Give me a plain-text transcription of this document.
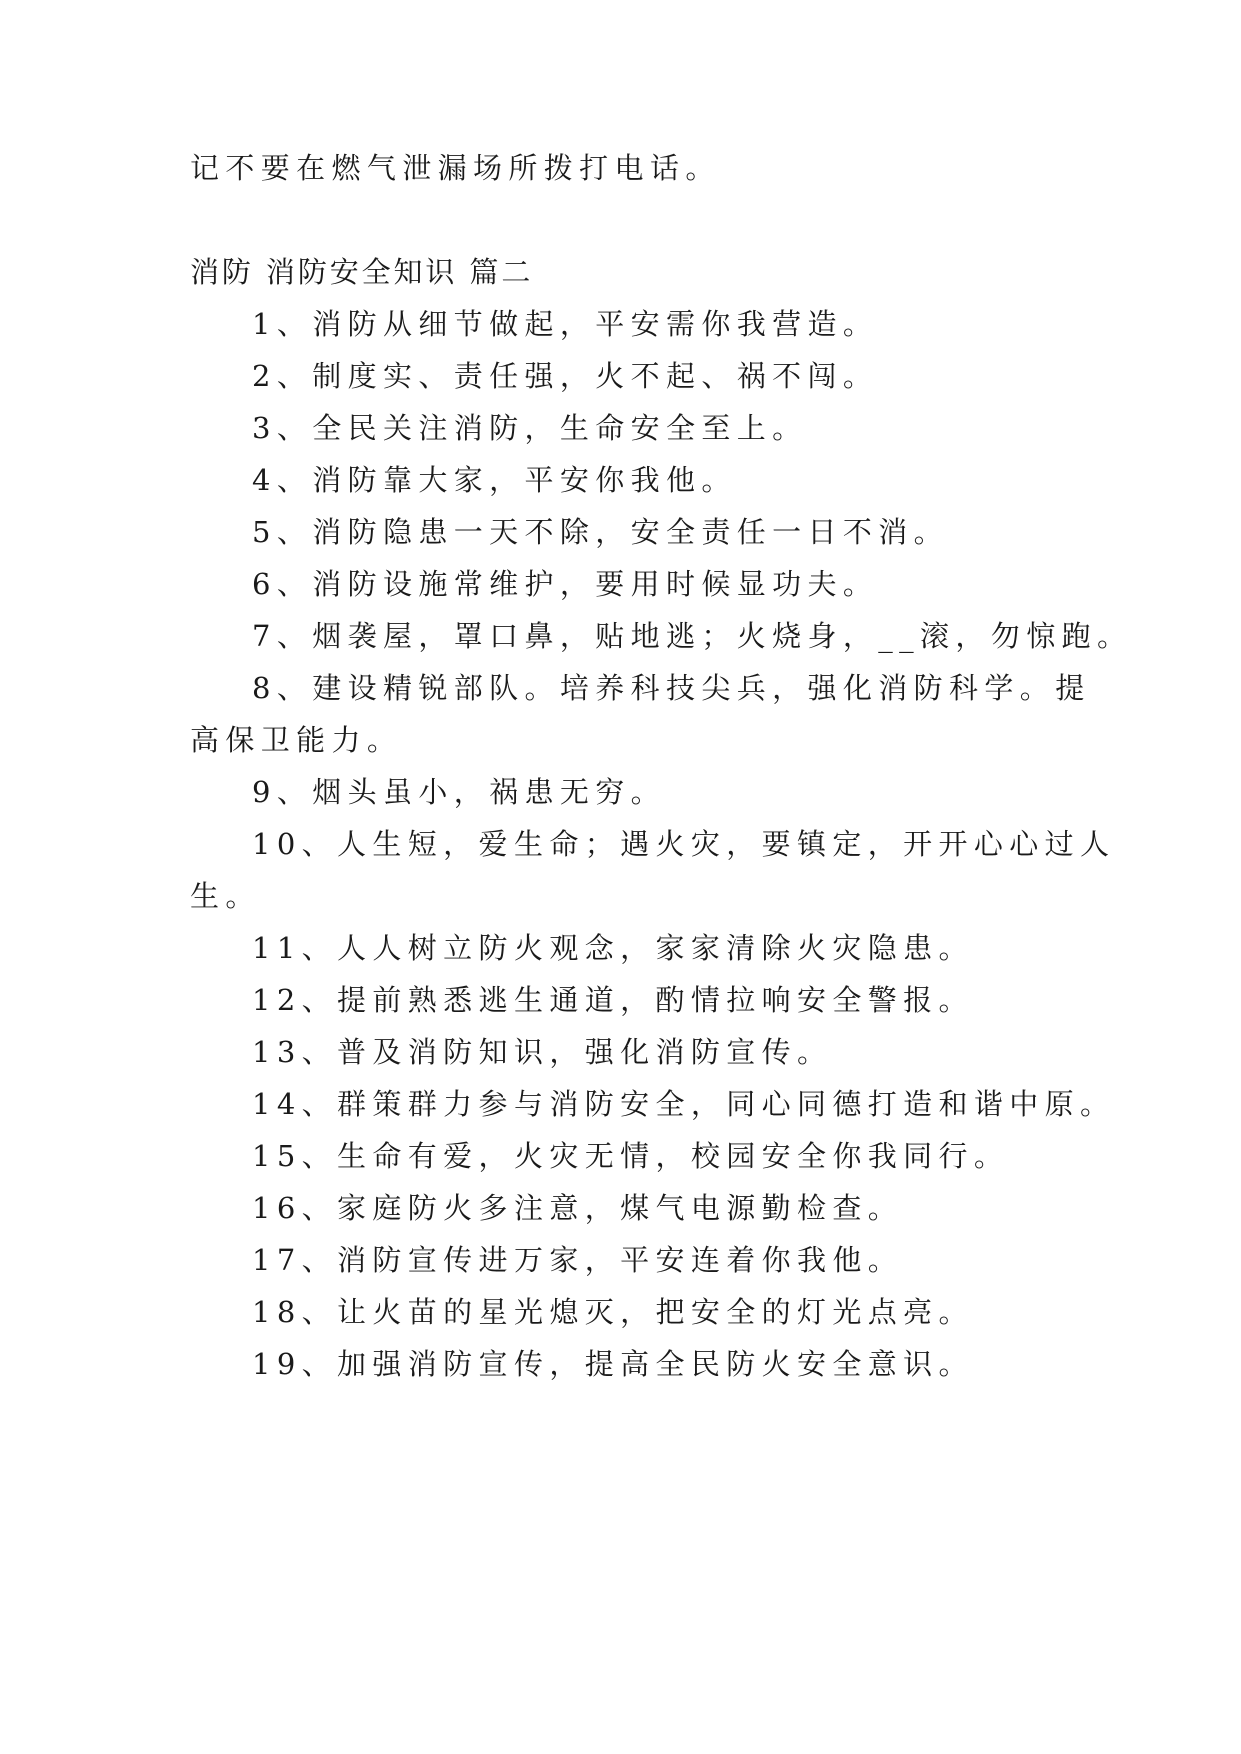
记不要在燃气泄漏场所拨打电话。
消防 消防安全知识 篇二
1、消防从细节做起，平安需你我营造。
2、制度实、责任强，火不起、祸不闯。
3、全民关注消防，生命安全至上。
4、消防靠大家，平安你我他。
5、消防隐患一天不除，安全责任一日不消。
6、消防设施常维护，要用时候显功夫。
7、烟袭屋，罩口鼻，贴地逃；火烧身，__滚，勿惊跑。
8、建设精锐部队。培养科技尖兵，强化消防科学。提
高保卫能力。
9、烟头虽小，祸患无穷。
10、人生短，爱生命；遇火灾，要镇定，开开心心过人
生。
11、人人树立防火观念，家家清除火灾隐患。
12、提前熟悉逃生通道，酌情拉响安全警报。
13、普及消防知识，强化消防宣传。
14、群策群力参与消防安全，同心同德打造和谐中原。
15、生命有爱，火灾无情，校园安全你我同行。
16、家庭防火多注意，煤气电源勤检查。
17、消防宣传进万家，平安连着你我他。
18、让火苗的星光熄灭，把安全的灯光点亮。
19、加强消防宣传，提高全民防火安全意识。
